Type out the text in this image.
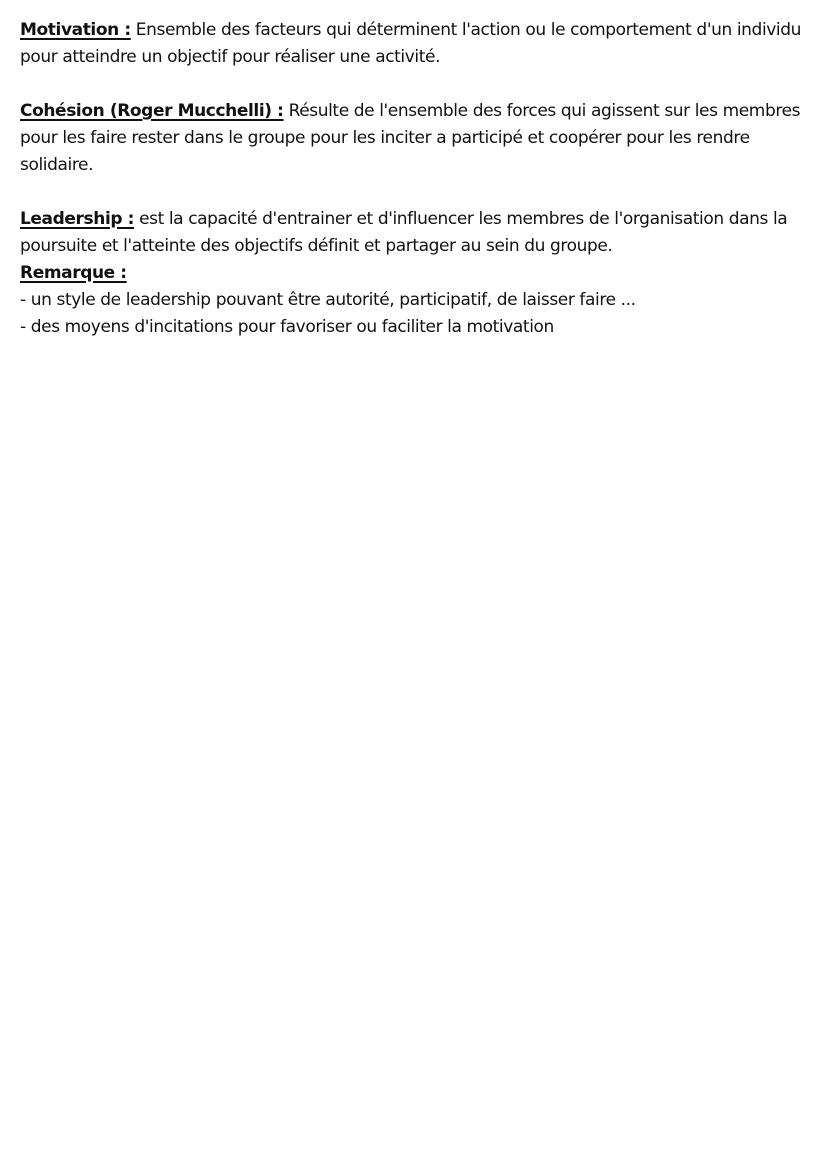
Motivation : Ensemble des facteurs qui déterminent l'action ou le comportement d'un individu pour atteindre un objectif pour réaliser une activité.

Cohésion (Roger Mucchelli) : Résulte de l'ensemble des forces qui agissent sur les membres pour les faire rester dans le groupe pour les inciter a participé et coopérer pour les rendre solidaire.

Leadership : est la capacité d'entrainer et d'influencer les membres de l'organisation dans la poursuite et l'atteinte des objectifs définit et partager au sein du groupe.

Remarque :
- un style de leadership pouvant être autorité, participatif, de laisser faire ...
- des moyens d'incitations pour favoriser ou faciliter la motivation
